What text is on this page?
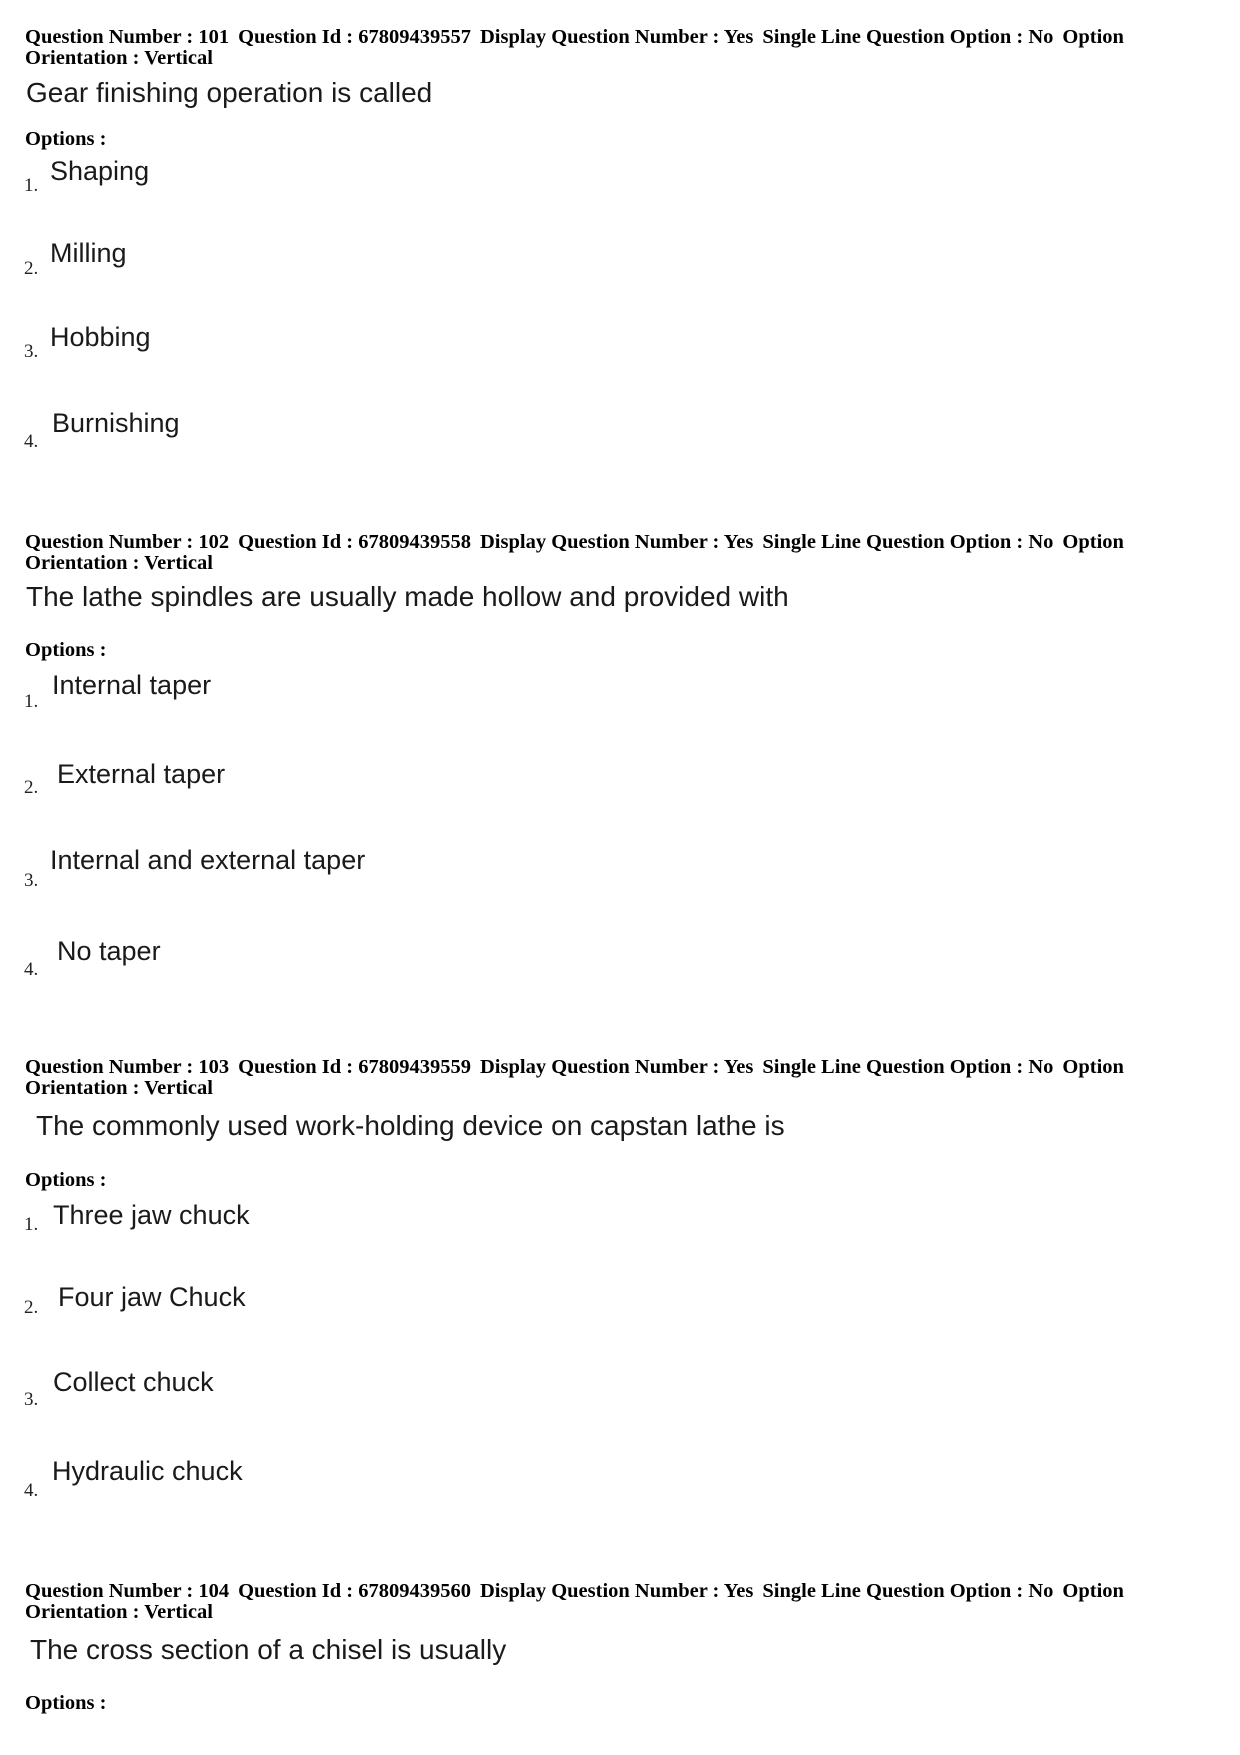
Question Number : 101 Question Id : 67809439557 Display Question Number : Yes Single Line Question Option : No Option
Orientation : Vertical
Gear finishing operation is called
Options :
1. Shaping
2.
Milling
3. Hobbing
4.
Burnishing
Question Number : 102 Question Id : 67809439558 Display Question Number : Yes Single Line Question Option : No Option
Orientation : Vertical
The lathe spindles are usually made hollow and provided with
Options :
1.
Internal taper
2. External taper
3.
Internal and external taper
4.
No taper
Question Number : 103 Question Id : 67809439559 Display Question Number : Yes Single Line Question Option : No Option
Orientation : Vertical
The commonly used work-holding device on capstan lathe is
Options :
1. Three jaw chuck
2. Four jaw Chuck
3.
Collect chuck
4.
Hydraulic chuck
Question Number : 104 Question Id : 67809439560 Display Question Number : Yes Single Line Question Option : No Option
Orientation : Vertical
The cross section of a chisel is usually
Options :
